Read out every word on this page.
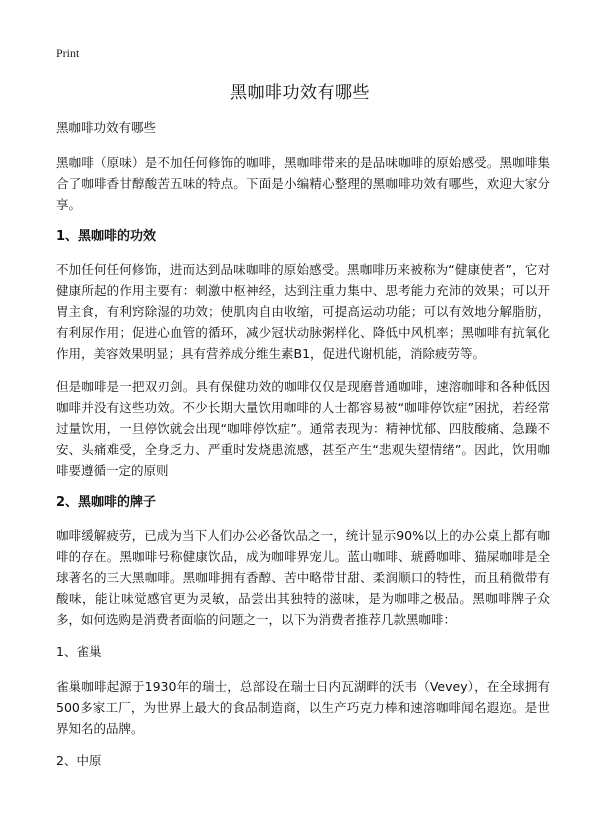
Print
黑咖啡功效有哪些

黑咖啡功效有哪些

黑咖啡（原味）是不加任何修饰的咖啡，黑咖啡带来的是品味咖啡的原始感受。黑咖啡集合了咖啡香甘醇酸苦五味的特点。下面是小编精心整理的黑咖啡功效有哪些，欢迎大家分享。

1、黑咖啡的功效

不加任何任何修饰，进而达到品味咖啡的原始感受。黑咖啡历来被称为“健康使者”，它对健康所起的作用主要有：刺激中枢神经，达到注重力集中、思考能力充沛的效果；可以开胃主食，有利窍除湿的功效；使肌肉自由收缩，可提高运动功能；可以有效地分解脂肪，有利尿作用；促进心血管的循环，减少冠状动脉粥样化、降低中风机率；黑咖啡有抗氧化作用，美容效果明显；具有营养成分维生素B1，促进代谢机能，消除疲劳等。

但是咖啡是一把双刃剑。具有保健功效的咖啡仅仅是现磨普通咖啡，速溶咖啡和各种低因咖啡并没有这些功效。不少长期大量饮用咖啡的人士都容易被“咖啡停饮症”困扰，若经常过量饮用，一旦停饮就会出现“咖啡停饮症”。通常表现为：精神忧郁、四肢酸痛、急躁不安、头痛难受，全身乏力、严重时发烧患流感，甚至产生“悲观失望情绪”。因此，饮用咖啡要遵循一定的原则

2、黑咖啡的牌子

咖啡缓解疲劳，已成为当下人们办公必备饮品之一，统计显示90%以上的办公桌上都有咖啡的存在。黑咖啡号称健康饮品，成为咖啡界宠儿。蓝山咖啡、琥爵咖啡、猫屎咖啡是全球著名的三大黑咖啡。黑咖啡拥有香醇、苦中略带甘甜、柔润顺口的特性，而且稍微带有酸味，能让味觉感官更为灵敏，品尝出其独特的滋味，是为咖啡之极品。黑咖啡牌子众多，如何选购是消费者面临的问题之一，以下为消费者推荐几款黑咖啡：

1、雀巢

雀巢咖啡起源于1930年的瑞士，总部设在瑞士日内瓦湖畔的沃韦（Vevey），在全球拥有500多家工厂，为世界上最大的食品制造商，以生产巧克力棒和速溶咖啡闻名遐迩。是世界知名的品牌。

2、中原
